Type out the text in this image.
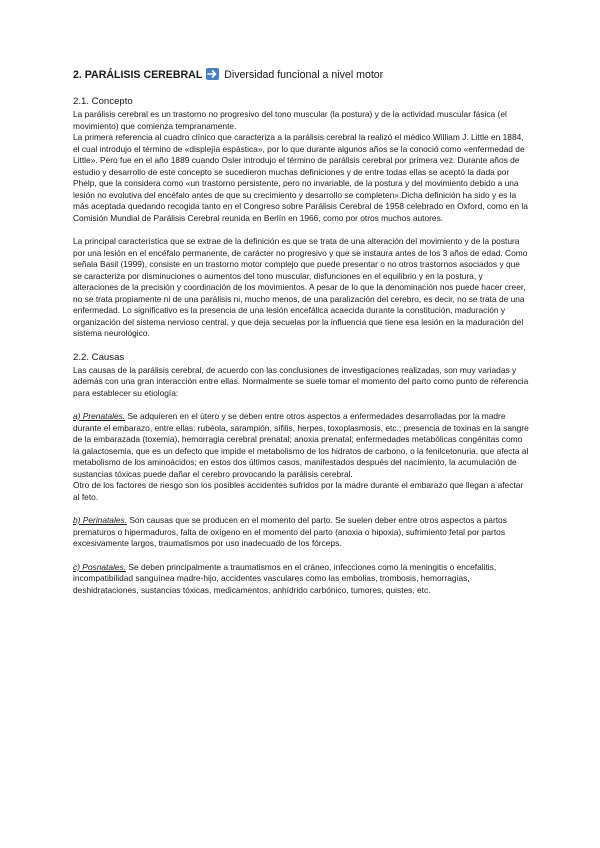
2. PARÁLISIS CEREBRAL Diversidad funcional a nivel motor
2.1. Concepto

La parálisis cerebral es un trastorno no progresivo del tono muscular (la postura) y de la actividad muscular fásica (el movimiento) que comienza tempranamente.

La primera referencia al cuadro clínico que caracteriza a la parálisis cerebral la realizó el médico William J. Little en 1884, el cual introdujo el término de «displejía espástica», por lo que durante algunos años se la conoció como «enfermedad de Little». Pero fue en el año 1889 cuando Osler introdujo el término de parálisis cerebral por primera vez. Durante años de estudio y desarrollo de este concepto se sucedieron muchas definiciones y de entre todas ellas se aceptó la dada por Phelp, que la considera como «un trastorno persistente, pero no invariable, de la postura y del movimiento debido a una lesión no evolutiva del encéfalo antes de que su crecimiento y desarrollo se completen».Dicha definición ha sido y es la más aceptada quedando recogida tanto en el Congreso sobre Parálisis Cerebral de 1958 celebrado en Oxford, como en la Comisión Mundial de Parálisis Cerebral reunida en Berlín en 1966, como por otros muchos autores.

La principal característica que se extrae de la definición es que se trata de una alteración del movimiento y de la postura por una lesión en el encéfalo permanente, de carácter no progresivo y que se instaura antes de los 3 años de edad. Como señala Basil (1999), consiste en un trastorno motor complejo que puede presentar o no otros trastornos asociados y que se caracteriza por disminuciones o aumentos del tono muscular, disfunciones en el equilibrio y en la postura, y alteraciones de la precisión y coordinación de los movimientos. A pesar de lo que la denominación nos puede hacer creer, no se trata propiamente ni de una parálisis ni, mucho menos, de una paralización del cerebro, es decir, no se trata de una enfermedad. Lo significativo es la presencia de una lesión encefálica acaecida durante la constitución, maduración y organización del sistema nervioso central, y que deja secuelas por la influencia que tiene esa lesión en la maduración del sistema neurológico.

2.2. Causas

Las causas de la parálisis cerebral, de acuerdo con las conclusiones de investigaciones realizadas, son muy variadas y además con una gran interacción entre ellas. Normalmente se suele tomar el momento del parto como punto de referencia para establecer su etiología:

a) Prenatales. Se adquieren en el útero y se deben entre otros aspectos a enfermedades desarrolladas por la madre durante el embarazo, entre ellas: rubéola, sarampión, sífilis, herpes, toxoplasmosis, etc.; presencia de toxinas en la sangre de la embarazada (toxemia), hemorragia cerebral prenatal; anoxia prenatal; enfermedades metabólicas congénitas como la galactosemia, que es un defecto que impide el metabolismo de los hidratos de carbono, o la fenilcetonuria, que afecta al metabolismo de los aminoácidos; en estos dos últimos casos, manifestados después del nacimiento, la acumulación de sustancias tóxicas puede dañar el cerebro provocando la parálisis cerebral.

Otro de los factores de riesgo son los posibles accidentes sufridos por la madre durante el embarazo que llegan a afectar al feto.

b) Perinatales. Son causas que se producen en el momento del parto. Se suelen deber entre otros aspectos a partos prematuros o hipermaduros, falta de oxígeno en el momento del parto (anoxia o hipoxia), sufrimiento fetal por partos excesivamente largos, traumatismos por uso inadecuado de los fórceps.

c) Posnatales. Se deben principalmente a traumatismos en el cráneo, infecciones como la meningitis o encefalitis, incompatibilidad sanguínea madre-hijo, accidentes vasculares como las embolias, trombosis, hemorragias, deshidrataciones, sustancias tóxicas, medicamentos, anhídrido carbónico, tumores, quistes, etc.
